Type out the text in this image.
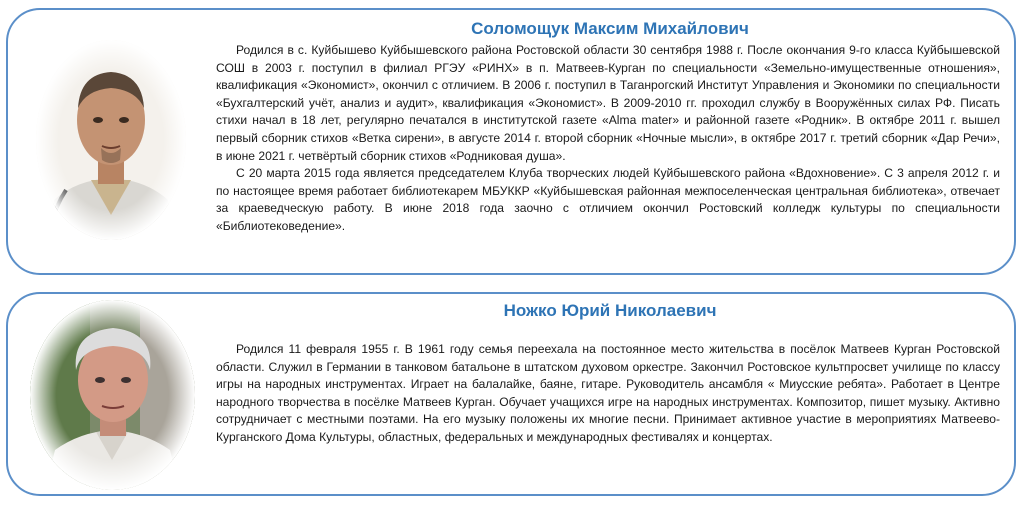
Соломощук Максим Михайлович

Родился в с. Куйбышево Куйбышевского района Ростовской области 30 сентября 1988 г. После окончания 9-го класса Куйбышевской СОШ в 2003 г. поступил в филиал РГЭУ «РИНХ» в п. Матвеев-Курган по специальности «Земельно-имущественные отношения», квалификация «Экономист», окончил с отличием. В 2006 г. поступил в Таганрогский Институт Управления и Экономики по специальности «Бухгалтерский учёт, анализ и аудит», квалификация «Экономист». В 2009-2010 гг. проходил службу в Вооружённых силах РФ. Писать стихи начал в 18 лет, регулярно печатался в институтской газете «Alma mater» и районной газете «Родник». В октябре 2011 г. вышел первый сборник стихов «Ветка сирени», в августе 2014 г. второй сборник «Ночные мысли», в октябре 2017 г. третий сборник «Дар Речи», в июне 2021 г. четвёртый сборник стихов «Родниковая душа».

С 20 марта 2015 года является председателем Клуба творческих людей Куйбышевского района «Вдохновение». С 3 апреля 2012 г. и по настоящее время работает библиотекарем МБУККР «Куйбышевская районная межпоселенческая центральная библиотека», отвечает за краеведческую работу. В июне 2018 года заочно с отличием окончил Ростовский колледж культуры по специальности «Библиотековедение».

Ножко Юрий Николаевич

Родился 11 февраля 1955 г. В 1961 году семья переехала на постоянное место жительства в посёлок Матвеев Курган Ростовской области. Служил в Германии в танковом батальоне в штатском духовом оркестре. Закончил Ростовское культпросвет училище по классу игры на народных инструментах. Играет на балалайке, баяне, гитаре. Руководитель ансамбля « Миусские ребята». Работает в Центре народного творчества в посёлке Матвеев Курган. Обучает учащихся игре на народных инструментах. Композитор, пишет музыку. Активно сотрудничает с местными поэтами. На его музыку положены их многие песни. Принимает активное участие в мероприятиях Матвеево-Курганского Дома Культуры, областных, федеральных и международных фестивалях и концертах.
